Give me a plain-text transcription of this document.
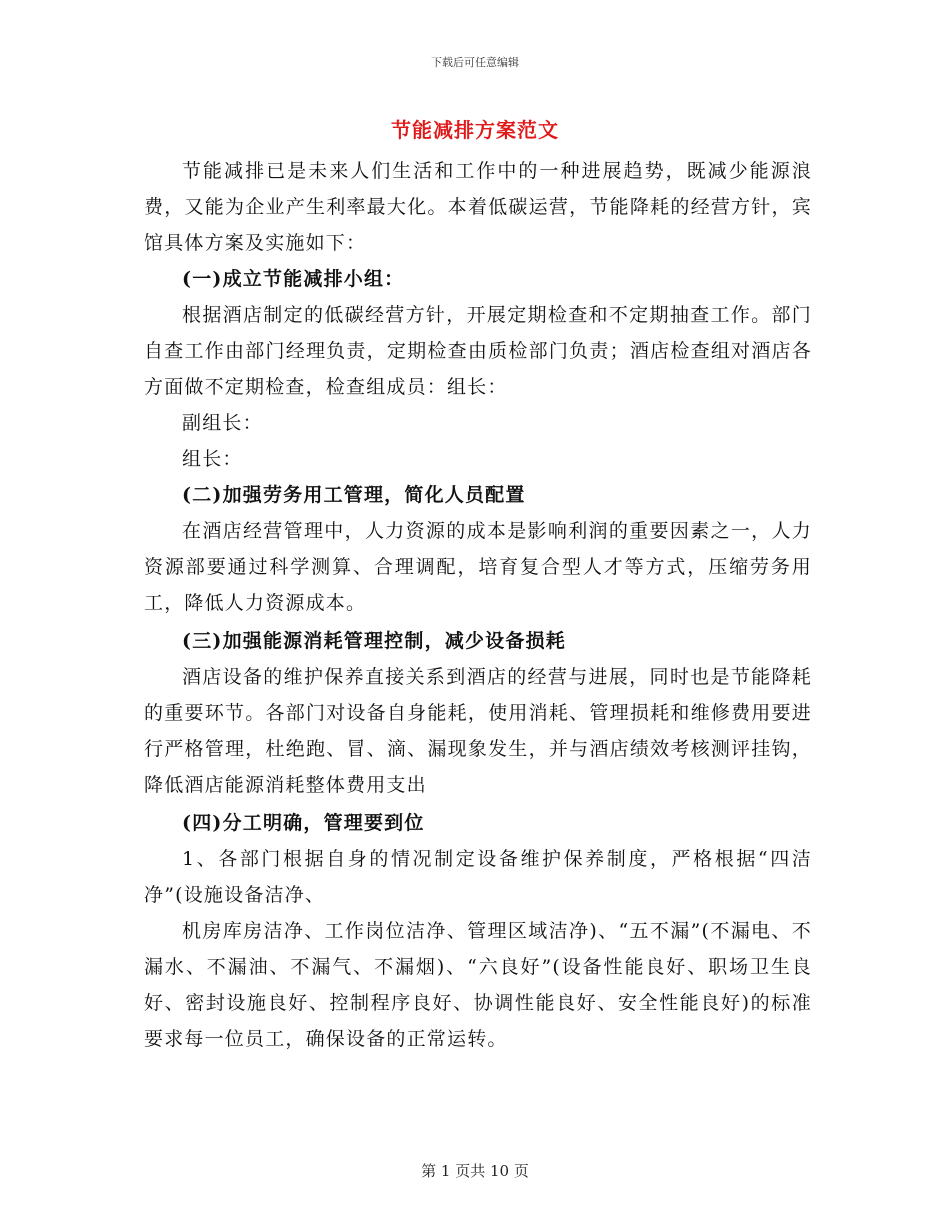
下载后可任意编辑
节能减排方案范文

节能减排已是未来人们生活和工作中的一种进展趋势，既减少能源浪费，又能为企业产生利率最大化。本着低碳运营，节能降耗的经营方针，宾馆具体方案及实施如下：

(一)成立节能减排小组：

根据酒店制定的低碳经营方针，开展定期检查和不定期抽查工作。部门自查工作由部门经理负责，定期检查由质检部门负责；酒店检查组对酒店各方面做不定期检查，检查组成员：组长：

副组长：

组长：

(二)加强劳务用工管理，简化人员配置

在酒店经营管理中，人力资源的成本是影响利润的重要因素之一，人力资源部要通过科学测算、合理调配，培育复合型人才等方式，压缩劳务用工，降低人力资源成本。

(三)加强能源消耗管理控制，减少设备损耗

酒店设备的维护保养直接关系到酒店的经营与进展，同时也是节能降耗的重要环节。各部门对设备自身能耗，使用消耗、管理损耗和维修费用要进行严格管理，杜绝跑、冒、滴、漏现象发生，并与酒店绩效考核测评挂钩，降低酒店能源消耗整体费用支出

(四)分工明确，管理要到位

1、各部门根据自身的情况制定设备维护保养制度，严格根据“四洁净”(设施设备洁净、

机房库房洁净、工作岗位洁净、管理区域洁净)、“五不漏”(不漏电、不漏水、不漏油、不漏气、不漏烟)、“六良好”(设备性能良好、职场卫生良好、密封设施良好、控制程序良好、协调性能良好、安全性能良好)的标准要求每一位员工，确保设备的正常运转。

第 1 页共 10 页
